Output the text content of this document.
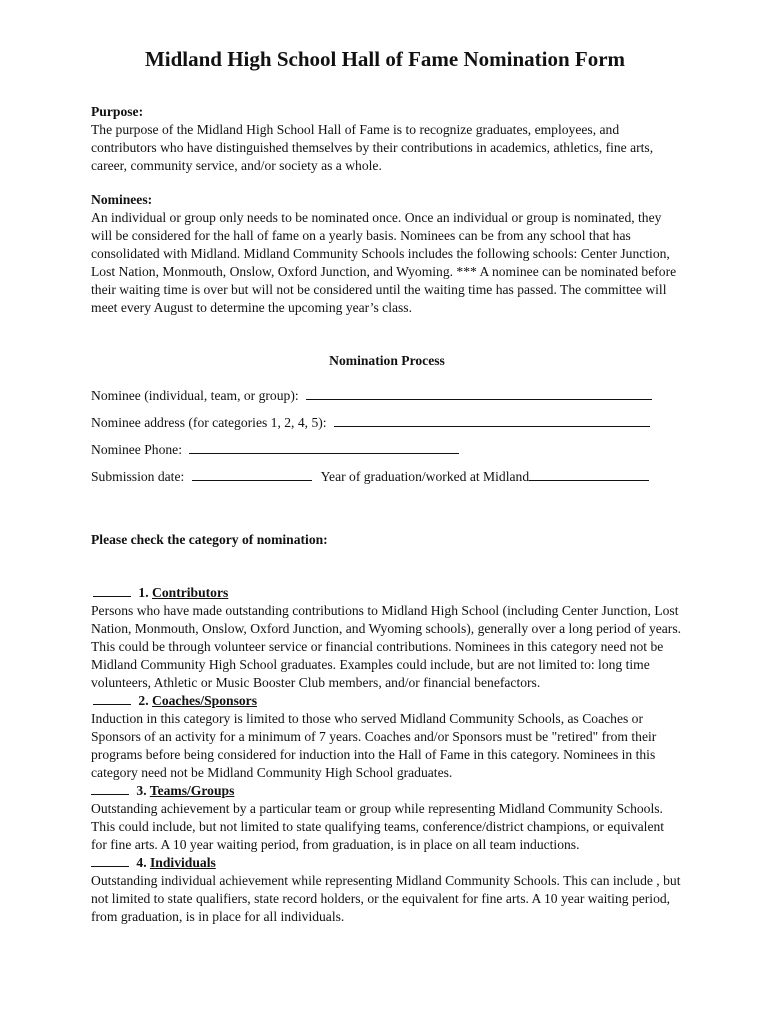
Midland High School Hall of Fame Nomination Form

Purpose:

The purpose of the Midland High School Hall of Fame is to recognize graduates, employees, and contributors who have distinguished themselves by their contributions in academics, athletics, fine arts, career, community service, and/or society as a whole.

Nominees:

An individual or group only needs to be nominated once. Once an individual or group is nominated, they will be considered for the hall of fame on a yearly basis. Nominees can be from any school that has consolidated with Midland. Midland Community Schools includes the following schools: Center Junction, Lost Nation, Monmouth, Onslow, Oxford Junction, and Wyoming. *** A nominee can be nominated before their waiting time is over but will not be considered until the waiting time has passed. The committee will meet every August to determine the upcoming year’s class.

Nomination Process
Nominee (individual, team, or group):
Nominee address (for categories 1, 2, 4, 5):
Nominee Phone:
Submission date:	Year of graduation/worked at Midland
Please check the category of nomination:

1. Contributors

Persons who have made outstanding contributions to Midland High School (including Center Junction, Lost Nation, Monmouth, Onslow, Oxford Junction, and Wyoming schools), generally over a long period of years. This could be through volunteer service or financial contributions. Nominees in this category need not be Midland Community High School graduates. Examples could include, but are not limited to: long time volunteers, Athletic or Music Booster Club members, and/or financial benefactors.

2. Coaches/Sponsors

Induction in this category is limited to those who served Midland Community Schools, as Coaches or Sponsors of an activity for a minimum of 7 years. Coaches and/or Sponsors must be "retired" from their programs before being considered for induction into the Hall of Fame in this category. Nominees in this category need not be Midland Community High School graduates.

3. Teams/Groups

Outstanding achievement by a particular team or group while representing Midland Community Schools. This could include, but not limited to state qualifying teams, conference/district champions, or equivalent for fine arts. A 10 year waiting period, from graduation, is in place on all team inductions.

4. Individuals

Outstanding individual achievement while representing Midland Community Schools. This can include , but not limited to state qualifiers, state record holders, or the equivalent for fine arts. A 10 year waiting period, from graduation, is in place for all individuals.
